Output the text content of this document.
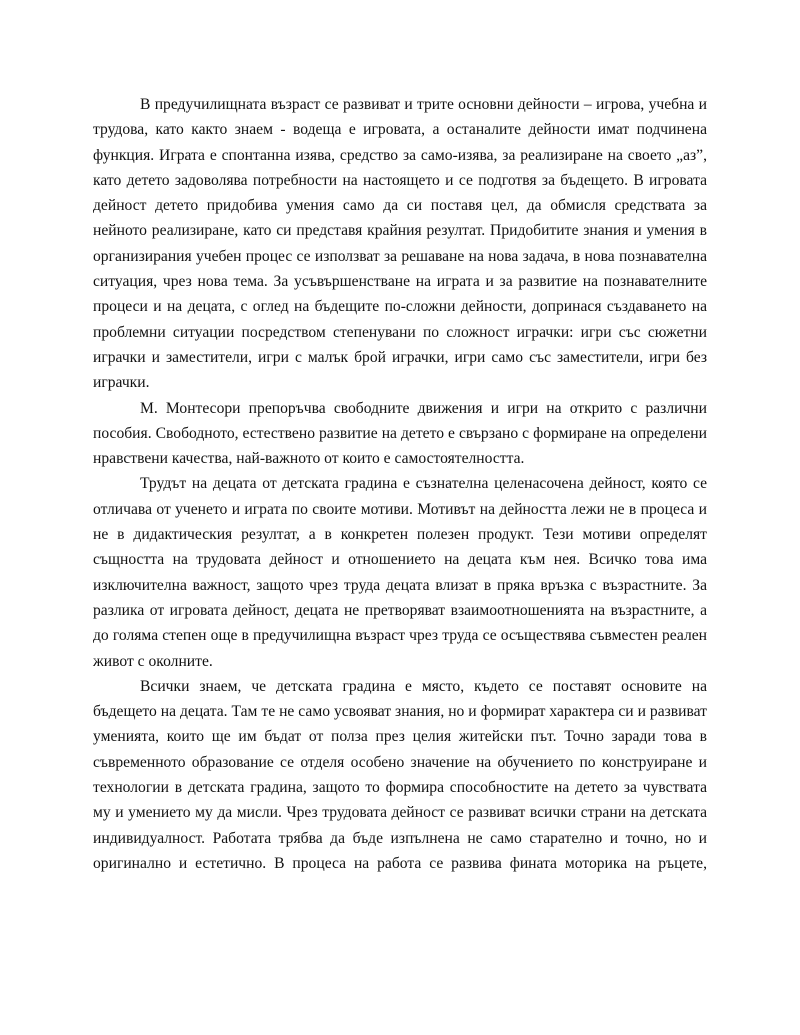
В предучилищната възраст се развиват и трите основни дейности – игрова, учебна и трудова, като както знаем - водеща е игровата, а останалите дейности имат подчинена функция. Играта е спонтанна изява, средство за само-изява, за реализиране на своето „аз”, като детето задоволява потребности на настоящето и се подготвя за бъдещето. В игровата дейност детето придобива умения само да си поставя цел, да обмисля средствата за нейното реализиране, като си представя крайния резултат. Придобитите знания и умения в организирания учебен процес се използват за решаване на нова задача, в нова познавателна ситуация, чрез нова тема. За усъвършенстване на играта и за развитие на познавателните процеси и на децата, с оглед на бъдещите по-сложни дейности, допринася създаването на проблемни ситуации посредством степенувани по сложност играчки: игри със сюжетни играчки и заместители, игри с малък брой играчки, игри само със заместители, игри без играчки.

М. Монтесори препоръчва свободните движения и игри на открито с различни пособия. Свободното, естествено развитие на детето е свързано с формиране на определени нравствени качества, най-важното от които е самостоятелността.

Трудът на децата от детската градина е съзнателна целенасочена дейност, която се отличава от ученето и играта по своите мотиви. Мотивът на дейността лежи не в процеса и не в дидактическия резултат, а в конкретен полезен продукт. Тези мотиви определят същността на трудовата дейност и отношението на децата към нея. Всичко това има изключителна важност, защото чрез труда децата влизат в пряка връзка с възрастните. За разлика от игровата дейност, децата не претворяват взаимоотношенията на възрастните, а до голяма степен още в предучилищна възраст чрез труда се осъществява съвместен реален живот с околните.

Всички знаем, че детската градина е място, където се поставят основите на бъдещето на децата. Там те не само усвояват знания, но и формират характера си и развиват уменията, които ще им бъдат от полза през целия житейски път. Точно заради това в съвременното образование се отделя особено значение на обучението по конструиране и технологии в детската градина, защото то формира способностите на детето за чувствата му и умението му да мисли. Чрез трудовата дейност се развиват всички страни на детската индивидуалност. Работата трябва да бъде изпълнена не само старателно и точно, но и оригинално и естетично. В процеса на работа се развива фината моторика на ръцете,
